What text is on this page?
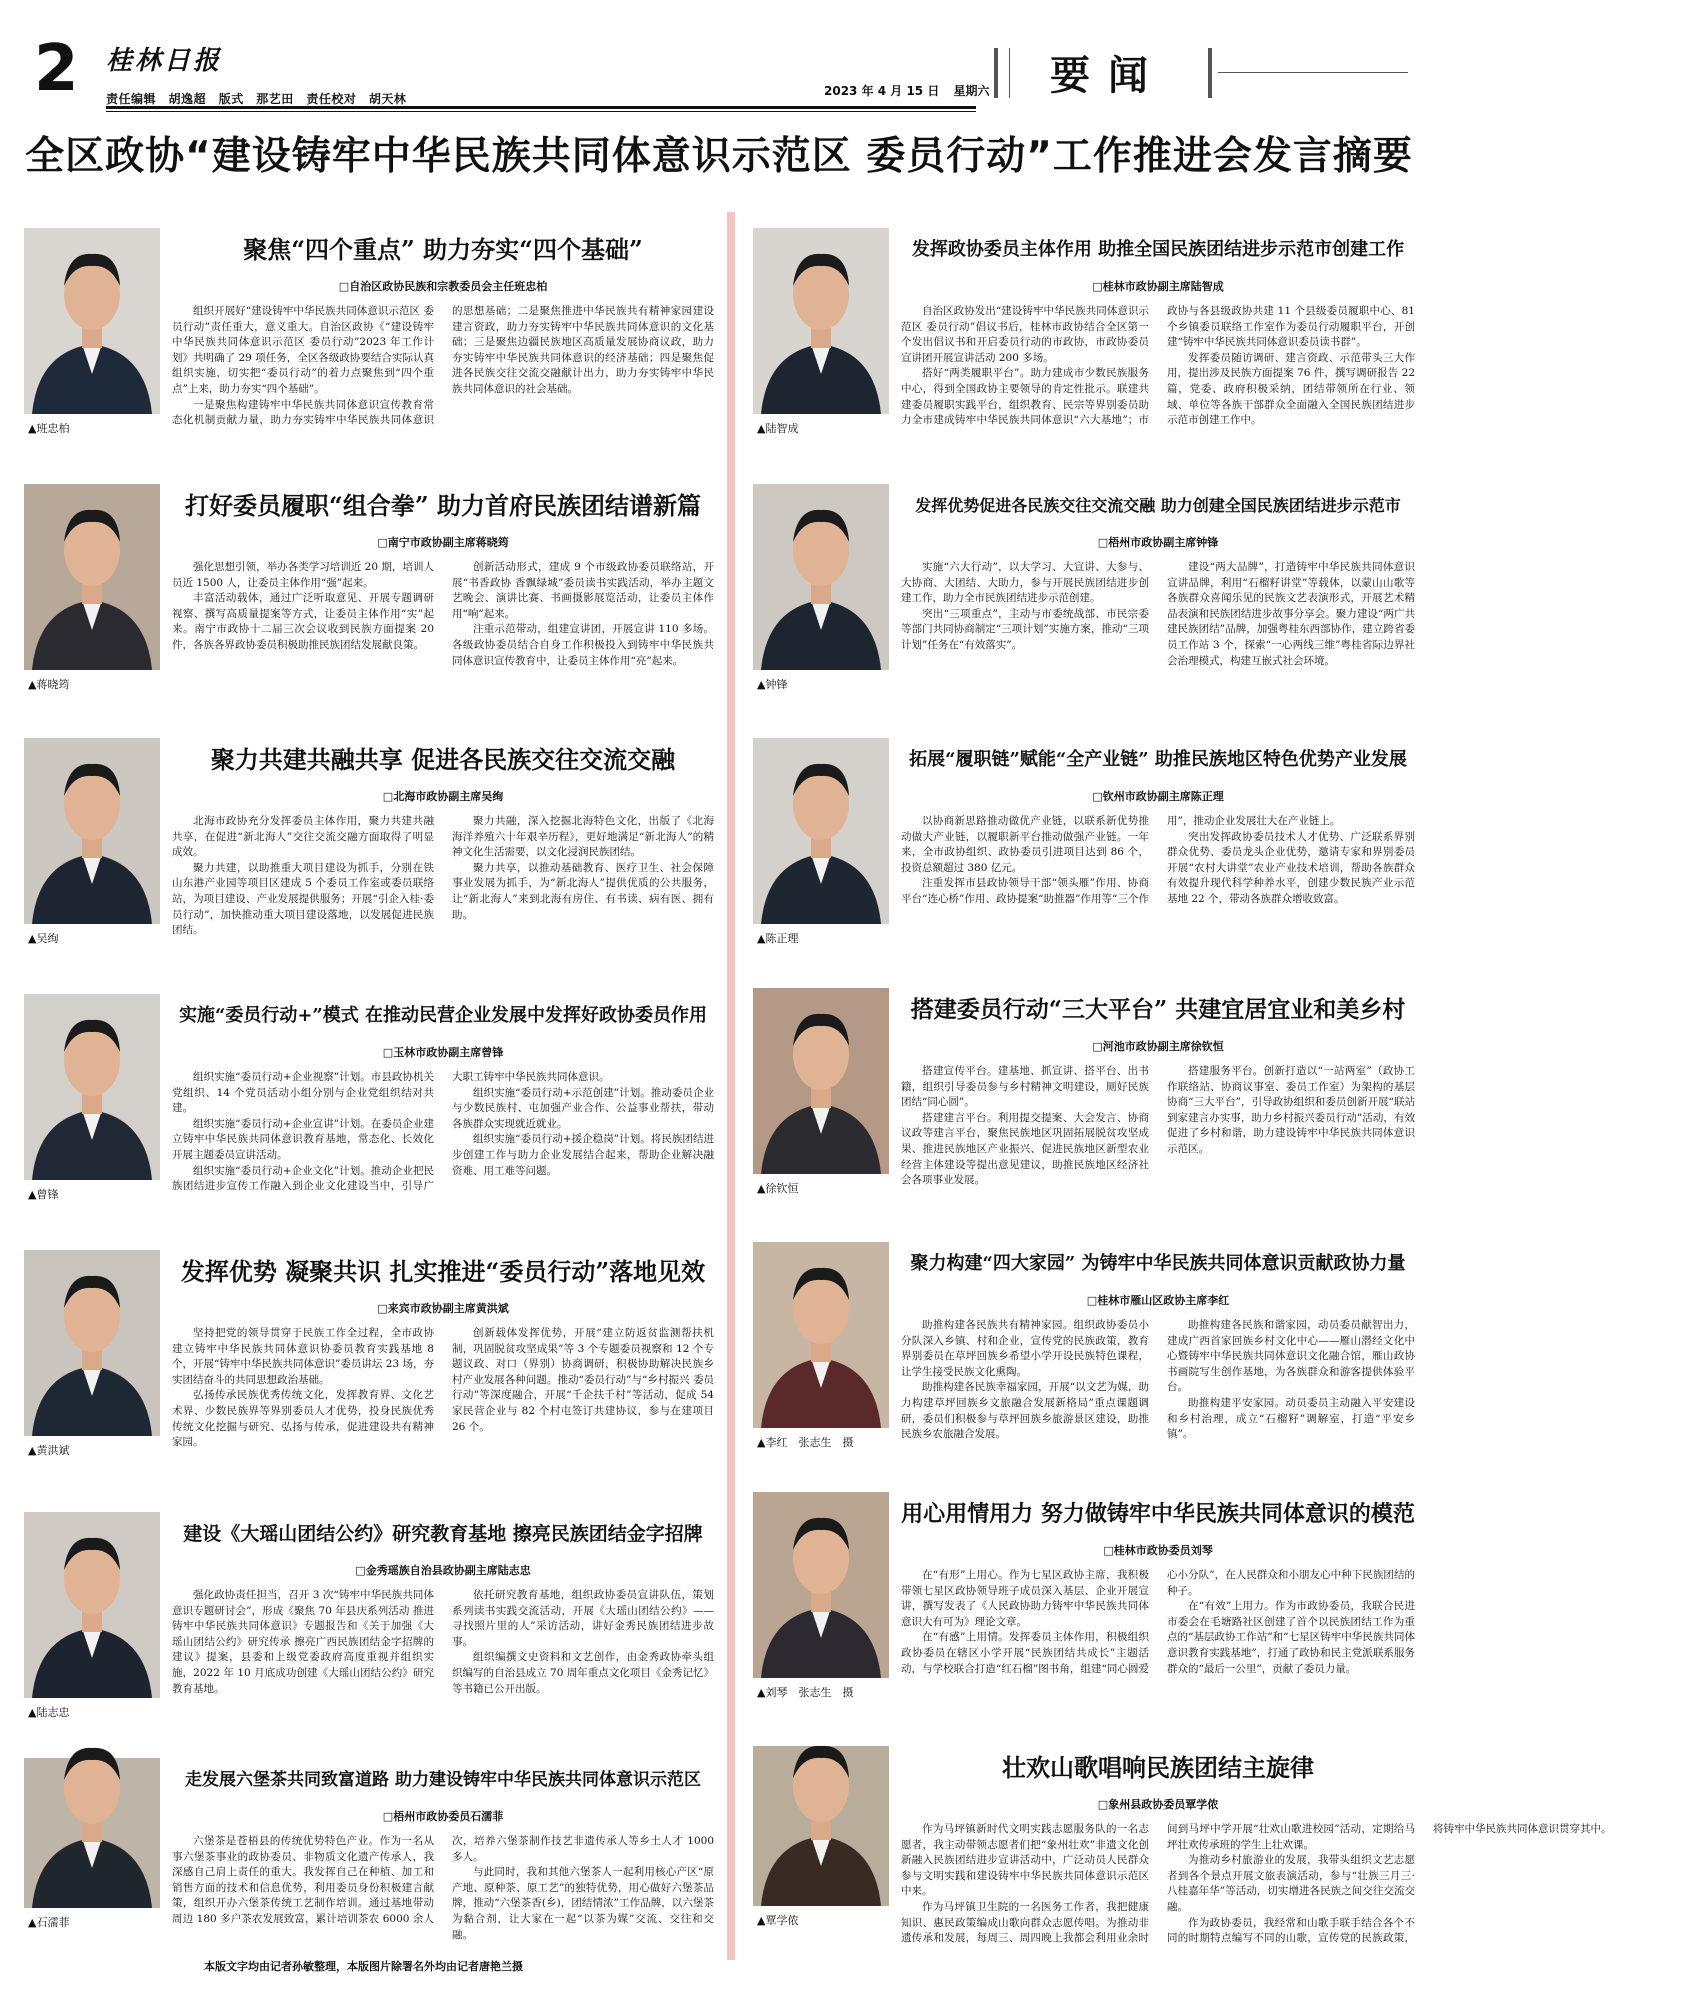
2 桂林日报
责任编辑　胡逸超 版式　那艺田 责任校对　胡天林
2023 年 4 月 15 日 星期六 要闻
全区政协“建设铸牢中华民族共同体意识示范区 委员行动”工作推进会发言摘要
▲班忠柏
聚焦“四个重点” 助力夯实“四个基础”
□自治区政协民族和宗教委员会主任班忠柏

组织开展好“建设铸牢中华民族共同体意识示范区 委员行动”责任重大，意义重大。自治区政协《“建设铸牢中华民族共同体意识示范区 委员行动”2023 年工作计划》共明确了 29 项任务，全区各级政协要结合实际认真组织实施，切实把“委员行动”的着力点聚焦到“四个重点”上来，助力夯实“四个基础”。

一是聚焦构建铸牢中华民族共同体意识宣传教育常态化机制贡献力量，助力夯实铸牢中华民族共同体意识的思想基础；二是聚焦推进中华民族共有精神家园建设建言资政，助力夯实铸牢中华民族共同体意识的文化基础；三是聚焦边疆民族地区高质量发展协商议政，助力夯实铸牢中华民族共同体意识的经济基础；四是聚焦促进各民族交往交流交融献计出力，助力夯实铸牢中华民族共同体意识的社会基础。

▲蒋晓筠
打好委员履职“组合拳” 助力首府民族团结谱新篇
□南宁市政协副主席蒋晓筠

强化思想引领，举办各类学习培训近 20 期，培训人员近 1500 人，让委员主体作用“强”起来。

丰富活动载体，通过广泛听取意见、开展专题调研视察、撰写高质量提案等方式，让委员主体作用“实”起来。南宁市政协十二届三次会议收到民族方面提案 20 件，各族各界政协委员积极助推民族团结发展献良策。

创新活动形式，建成 9 个市级政协委员联络站，开展“书香政协 香飘绿城”委员读书实践活动，举办主题文艺晚会、演讲比赛、书画摄影展览活动，让委员主体作用“响”起来。

注重示范带动，组建宣讲团，开展宣讲 110 多场。各级政协委员结合自身工作积极投入到铸牢中华民族共同体意识宣传教育中，让委员主体作用“亮”起来。

▲吴绚
聚力共建共融共享 促进各民族交往交流交融
□北海市政协副主席吴绚

北海市政协充分发挥委员主体作用，聚力共建共融共享，在促进“新北海人”交往交流交融方面取得了明显成效。

聚力共建，以助推重大项目建设为抓手，分别在铁山东港产业园等项目区建成 5 个委员工作室或委员联络站，为项目建设、产业发展提供服务；开展“引企入桂·委员行动”，加快推动重大项目建设落地，以发展促进民族团结。

聚力共融，深入挖掘北海特色文化，出版了《北海海洋养殖六十年艰辛历程》，更好地满足“新北海人”的精神文化生活需要，以文化浸润民族团结。

聚力共享，以推动基础教育、医疗卫生、社会保障事业发展为抓手，为“新北海人”提供优质的公共服务，让“新北海人”来到北海有房住、有书读、病有医、拥有助。

▲曾锋
实施“委员行动+”模式 在推动民营企业发展中发挥好政协委员作用
□玉林市政协副主席曾锋

组织实施“委员行动+企业视察”计划。市县政协机关党组织、14 个党员活动小组分别与企业党组织结对共建。

组织实施“委员行动+企业宣讲”计划。在委员企业建立铸牢中华民族共同体意识教育基地，常态化、长效化开展主题委员宣讲活动。

组织实施“委员行动+企业文化”计划。推动企业把民族团结进步宣传工作融入到企业文化建设当中，引导广大职工铸牢中华民族共同体意识。

组织实施“委员行动+示范创建”计划。推动委员企业与少数民族村、屯加强产业合作、公益事业帮扶，带动各族群众实现就近就业。

组织实施“委员行动+援企稳岗”计划。将民族团结进步创建工作与助力企业发展结合起来，帮助企业解决融资难、用工难等问题。

▲黄洪斌
发挥优势 凝聚共识 扎实推进“委员行动”落地见效
□来宾市政协副主席黄洪斌

坚持把党的领导贯穿于民族工作全过程，全市政协建立铸牢中华民族共同体意识协委员教育实践基地 8 个，开展“铸牢中华民族共同体意识”委员讲坛 23 场，夯实团结奋斗的共同思想政治基础。

弘扬传承民族优秀传统文化，发挥教育界、文化艺术界、少数民族界等界别委员人才优势，投身民族优秀传统文化挖掘与研究、弘扬与传承，促进建设共有精神家园。

创新载体发挥优势，开展“建立防返贫监测帮扶机制，巩固脱贫攻坚成果”等 3 个专题委员视察和 12 个专题议政、对口（界别）协商调研，积极协助解决民族乡村产业发展各种问题。推动“委员行动”与“乡村振兴 委员行动”等深度融合，开展“千企扶千村”等活动，促成 54 家民营企业与 82 个村屯签订共建协议，参与在建项目 26 个。

▲陆志忠
建设《大瑶山团结公约》研究教育基地 擦亮民族团结金字招牌
□金秀瑶族自治县政协副主席陆志忠

强化政协责任担当，召开 3 次“铸牢中华民族共同体意识专题研讨会”，形成《聚焦 70 年县庆系列活动 推进铸牢中华民族共同体意识》专题报告和《关于加强《大瑶山团结公约》研究传承 擦亮广西民族团结金字招牌的建议》提案，县委和上级党委政府高度重视并组织实施，2022 年 10 月底成功创建《大瑶山团结公约》研究教育基地。

依托研究教育基地，组织政协委员宣讲队伍，策划系列读书实践交流活动，开展《大瑶山团结公约》——寻找照片里的人”采访活动，讲好金秀民族团结进步故事。

组织编撰文史资料和文艺创作，由金秀政协牵头组织编写的自治县成立 70 周年重点文化项目《金秀记忆》等书籍已公开出版。

▲石濡菲
走发展六堡茶共同致富道路 助力建设铸牢中华民族共同体意识示范区
□梧州市政协委员石濡菲

六堡茶是苍梧县的传统优势特色产业。作为一名从事六堡茶事业的政协委员、非物质文化遗产传承人，我深感自己肩上责任的重大。我发挥自己在种植、加工和销售方面的技术和信息优势，利用委员身份积极建言献策，组织开办六堡茶传统工艺制作培训。通过基地带动周边 180 多户茶农发展致富，累计培训茶农 6000 余人次，培养六堡茶制作技艺非遗传承人等乡土人才 1000 多人。

与此同时，我和其他六堡茶人一起利用核心产区“原产地、原种茶、原工艺”的独特优势，用心做好六堡茶品牌，推动“六堡茶香(乡)，团结情浓”工作品牌，以六堡茶为黏合剂，让大家在一起“以茶为媒”交流、交往和交融。

▲陆智成
发挥政协委员主体作用 助推全国民族团结进步示范市创建工作
□桂林市政协副主席陆智成

自治区政协发出“建设铸牢中华民族共同体意识示范区 委员行动”倡议书后，桂林市政协结合全区第一个发出倡议书和开启委员行动的市政协，市政协委员宣讲团开展宣讲活动 200 多场。

搭好“两类履职平台”。助力建成市少数民族服务中心，得到全国政协主要领导的肯定性批示。联建共建委员履职实践平台，组织教育、民宗等界别委员助力全市建成铸牢中华民族共同体意识“六大基地”；市政协与各县级政协共建 11 个县级委员履职中心、81 个乡镇委员联络工作室作为委员行动履职平台，开创建“铸牢中华民族共同体意识委员读书群”。

发挥委员随访调研、建言资政、示范带头三大作用，提出涉及民族方面提案 76 件，撰写调研报告 22 篇，党委、政府积极采纳，团结带领所在行业、领域、单位等各族干部群众全面融入全国民族团结进步示范市创建工作中。

▲钟锋
发挥优势促进各民族交往交流交融 助力创建全国民族团结进步示范市
□梧州市政协副主席钟锋

实施“六大行动”，以大学习、大宣讲、大参与、大协商、大团结、大助力，参与开展民族团结进步创建工作，助力全市民族团结进步示范创建。

突出“三项重点”，主动与市委统战部、市民宗委等部门共同协商制定“三项计划”实施方案，推动“三项计划”任务在“有效落实”。

建设“两大品牌”，打造铸牢中华民族共同体意识宣讲品牌，利用“石榴籽讲堂”等载体，以蒙山山歌等各族群众喜闻乐见的民族文艺表演形式，开展艺术精品表演和民族团结进步故事分享会。聚力建设“两广共建民族团结”品牌，加强粤桂东西部协作，建立跨省委员工作站 3 个，探索“一心两线三维”粤桂省际边界社会治理模式，构建互嵌式社会环境。

▲陈正理
拓展“履职链”赋能“全产业链” 助推民族地区特色优势产业发展
□钦州市政协副主席陈正理

以协商新思路推动做优产业链，以联系新优势推动做大产业链，以履职新平台推动做强产业链。一年来，全市政协组织、政协委员引进项目达到 86 个，投资总额超过 380 亿元。

注重发挥市县政协领导干部“领头雁”作用、协商平台“连心桥”作用、政协提案“助推器”作用等“三个作用”，推动企业发展壮大在产业链上。

突出发挥政协委员技术人才优势、广泛联系界别群众优势、委员龙头企业优势，邀请专家和界别委员开展“农村大讲堂”农业产业技术培训，帮助各族群众有效提升现代科学种养水平，创建少数民族产业示范基地 22 个，带动各族群众增收致富。

▲徐钦恒
搭建委员行动“三大平台” 共建宜居宜业和美乡村
□河池市政协副主席徐钦恒

搭建宣传平台。建基地、抓宣讲、搭平台、出书籍，组织引导委员参与乡村精神文明建设，厕好民族团结“同心圆”。

搭建建言平台。利用提交提案、大会发言、协商议政等建言平台，聚焦民族地区巩固拓展脱贫攻坚成果、推进民族地区产业振兴、促进民族地区新型农业经营主体建设等提出意见建议，助推民族地区经济社会各项事业发展。

搭建服务平台。创新打造以“一站两室”（政协工作联络站、协商议事室、委员工作室）为架构的基层协商“三大平台”，引导政协组织和委员创新开展“联站到家建言办实事，助力乡村振兴委员行动”活动，有效促进了乡村和谐，助力建设铸牢中华民族共同体意识示范区。

▲李红　张志生　摄
聚力构建“四大家园” 为铸牢中华民族共同体意识贡献政协力量
□桂林市雁山区政协主席李红

助推构建各民族共有精神家园。组织政协委员小分队深入乡镇、村和企业，宣传党的民族政策，教育界别委员在草坪回族乡希望小学开设民族特色课程，让学生接受民族文化熏陶。

助推构建各民族幸福家园，开展“以文艺为媒，助力构建草坪回族乡文旅融合发展新格局”重点课题调研，委员们积极参与草坪回族乡旅游景区建设，助推民族乡农旅融合发展。

助推构建各民族和谐家园，动员委员献智出力，建成广西首家回族乡村文化中心——雁山潜经文化中心暨铸牢中华民族共同体意识文化融合馆，雁山政协书画院写生创作基地，为各族群众和游客提供体验平台。

助推构建平安家园。动员委员主动融入平安建设和乡村治理，成立“石榴籽”调解室，打造“平安乡镇”。

▲刘琴　张志生　摄
用心用情用力 努力做铸牢中华民族共同体意识的模范
□桂林市政协委员刘琴

在“有形”上用心。作为七星区政协主席，我积极带领七星区政协领导班子成员深入基层、企业开展宣讲，撰写发表了《人民政协助力铸牢中华民族共同体意识大有可为》理论文章。

在“有感”上用情。发挥委员主体作用，积极组织政协委员在辖区小学开展“民族团结共成长”主题活动，与学校联合打造“红石榴”图书角，组建“同心圆爱心小分队”，在人民群众和小朋友心中种下民族团结的种子。

在“有效”上用力。作为市政协委员，我联合民进市委会在毛塘路社区创建了首个以民族团结工作为重点的“基层政协工作站”和“七星区铸牢中华民族共同体意识教育实践基地”，打通了政协和民主党派联系服务群众的“最后一公里”，贡献了委员力量。

▲覃学侬
壮欢山歌唱响民族团结主旋律
□象州县政协委员覃学侬

作为马坪镇新时代文明实践志愿服务队的一名志愿者，我主动带领志愿者们把“象州壮欢”非遗文化创新融入民族团结进步宣讲活动中，广泛动员人民群众参与文明实践和建设铸牢中华民族共同体意识示范区中来。

作为马坪镇卫生院的一名医务工作者，我把健康知识、惠民政策编成山歌向群众志愿传唱。为推动非遗传承和发展，每周三、周四晚上我都会利用业余时间到马坪中学开展“壮欢山歌进校园”活动，定期给马坪壮欢传承班的学生上壮欢课。

为推动乡村旅游业的发展，我带头组织文艺志愿者到各个景点开展文旅表演活动，参与“壮族三月三·八桂嘉年华”等活动，切实增进各民族之间交往交流交融。

作为政协委员，我经常和山歌手联手结合各个不同的时期特点编写不同的山歌，宣传党的民族政策，将铸牢中华民族共同体意识贯穿其中。

本版文字均由记者孙敏整理，本版图片除署名外均由记者唐艳兰摄
